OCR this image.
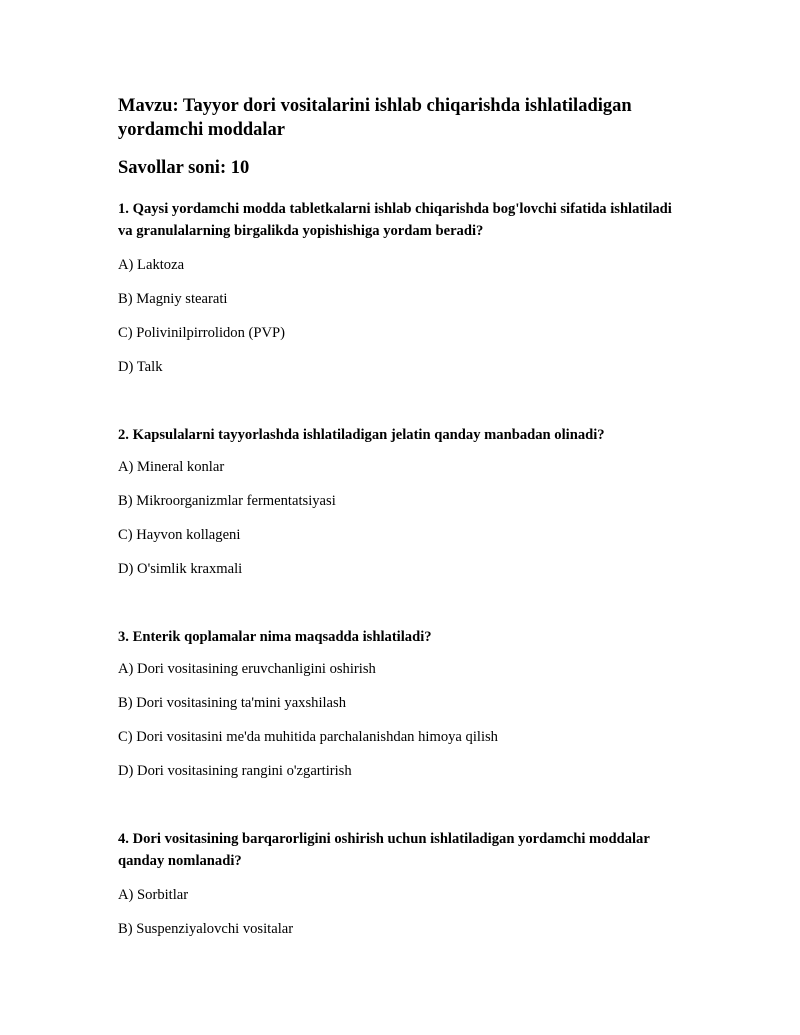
Mavzu: Tayyor dori vositalarini ishlab chiqarishda ishlatiladigan yordamchi moddalar

Savollar soni: 10

1. Qaysi yordamchi modda tabletkalarni ishlab chiqarishda bog'lovchi sifatida ishlatiladi va granulalarning birgalikda yopishishiga yordam beradi?

A) Laktoza
B) Magniy stearati
C) Polivinilpirrolidon (PVP)
D) Talk

2. Kapsulalarni tayyorlashda ishlatiladigan jelatin qanday manbadan olinadi?

A) Mineral konlar
B) Mikroorganizmlar fermentatsiyasi
C) Hayvon kollageni
D) O'simlik kraxmali

3. Enterik qoplamalar nima maqsadda ishlatiladi?

A) Dori vositasining eruvchanligini oshirish
B) Dori vositasining ta'mini yaxshilash
C) Dori vositasini me'da muhitida parchalanishdan himoya qilish
D) Dori vositasining rangini o'zgartirish

4. Dori vositasining barqarorligini oshirish uchun ishlatiladigan yordamchi moddalar qanday nomlanadi?

A) Sorbitlar
B) Suspenziyalovchi vositalar
